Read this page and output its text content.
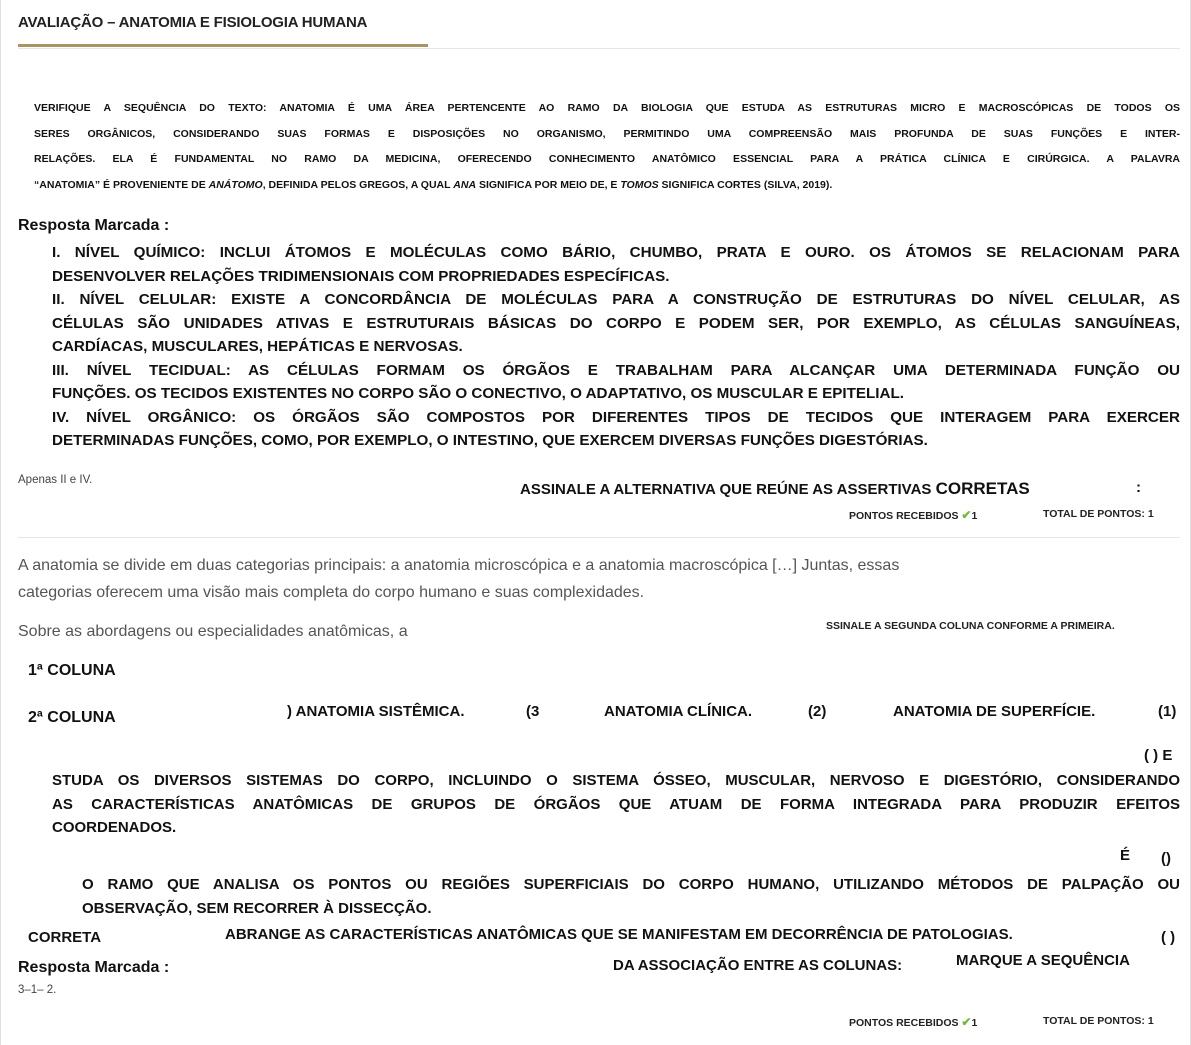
AVALIAÇÃO – ANATOMIA E FISIOLOGIA HUMANA
VERIFIQUE A SEQUÊNCIA DO TEXTO: ANATOMIA É UMA ÁREA PERTENCENTE AO RAMO DA BIOLOGIA QUE ESTUDA AS ESTRUTURAS MICRO E MACROSCÓPICAS DE TODOS OS
SERES ORGÂNICOS, CONSIDERANDO SUAS FORMAS E DISPOSIÇÕES NO ORGANISMO, PERMITINDO UMA COMPREENSÃO MAIS PROFUNDA DE SUAS FUNÇÕES E INTER-
RELAÇÕES. ELA É FUNDAMENTAL NO RAMO DA MEDICINA, OFERECENDO CONHECIMENTO ANATÔMICO ESSENCIAL PARA A PRÁTICA CLÍNICA E CIRÚRGICA. A PALAVRA
“ANATOMIA” É PROVENIENTE DE ANÁTOMO, DEFINIDA PELOS GREGOS, A QUAL ANA SIGNIFICA POR MEIO DE, E TOMOS SIGNIFICA CORTES (SILVA, 2019).
Resposta Marcada :
I. NÍVEL QUÍMICO: INCLUI ÁTOMOS E MOLÉCULAS COMO BÁRIO, CHUMBO, PRATA E OURO. OS ÁTOMOS SE RELACIONAM PARA
DESENVOLVER RELAÇÕES TRIDIMENSIONAIS COM PROPRIEDADES ESPECÍFICAS.
II. NÍVEL CELULAR: EXISTE A CONCORDÂNCIA DE MOLÉCULAS PARA A CONSTRUÇÃO DE ESTRUTURAS DO NÍVEL CELULAR, AS
CÉLULAS SÃO UNIDADES ATIVAS E ESTRUTURAIS BÁSICAS DO CORPO E PODEM SER, POR EXEMPLO, AS CÉLULAS SANGUÍNEAS,
CARDÍACAS, MUSCULARES, HEPÁTICAS E NERVOSAS.
III. NÍVEL TECIDUAL: AS CÉLULAS FORMAM OS ÓRGÃOS E TRABALHAM PARA ALCANÇAR UMA DETERMINADA FUNÇÃO OU
FUNÇÕES. OS TECIDOS EXISTENTES NO CORPO SÃO O CONECTIVO, O ADAPTATIVO, OS MUSCULAR E EPITELIAL.
IV. NÍVEL ORGÂNICO: OS ÓRGÃOS SÃO COMPOSTOS POR DIFERENTES TIPOS DE TECIDOS QUE INTERAGEM PARA EXERCER
DETERMINADAS FUNÇÕES, COMO, POR EXEMPLO, O INTESTINO, QUE EXERCEM DIVERSAS FUNÇÕES DIGESTÓRIAS.
Apenas II e IV.
ASSINALE A ALTERNATIVA QUE REÚNE AS ASSERTIVAS CORRETAS	:
PONTOS RECEBIDOS ✔1	TOTAL DE PONTOS: 1
A anatomia se divide em duas categorias principais: a anatomia microscópica e a anatomia macroscópica […] Juntas, essas
categorias oferecem uma visão mais completa do corpo humano e suas complexidades.
Sobre as abordagens ou especialidades anatômicas, a	SSINALE A SEGUNDA COLUNA CONFORME A PRIMEIRA.
1ª COLUNA
2ª COLUNA	) ANATOMIA SISTÊMICA.	(3	ANATOMIA CLÍNICA.	(2)	ANATOMIA DE SUPERFÍCIE.	(1)
( ) E
STUDA OS DIVERSOS SISTEMAS DO CORPO, INCLUINDO O SISTEMA ÓSSEO, MUSCULAR, NERVOSO E DIGESTÓRIO, CONSIDERANDO
AS CARACTERÍSTICAS ANATÔMICAS DE GRUPOS DE ÓRGÃOS QUE ATUAM DE FORMA INTEGRADA PARA PRODUZIR EFEITOS
COORDENADOS.
É ()
O RAMO QUE ANALISA OS PONTOS OU REGIÕES SUPERFICIAIS DO CORPO HUMANO, UTILIZANDO MÉTODOS DE PALPAÇÃO OU
OBSERVAÇÃO, SEM RECORRER À DISSECÇÃO.
CORRETA	ABRANGE AS CARACTERÍSTICAS ANATÔMICAS QUE SE MANIFESTAM EM DECORRÊNCIA DE PATOLOGIAS.	( )
Resposta Marcada :	DA ASSOCIAÇÃO ENTRE AS COLUNAS:	MARQUE A SEQUÊNCIA
3–1– 2.
PONTOS RECEBIDOS ✔1	TOTAL DE PONTOS: 1
